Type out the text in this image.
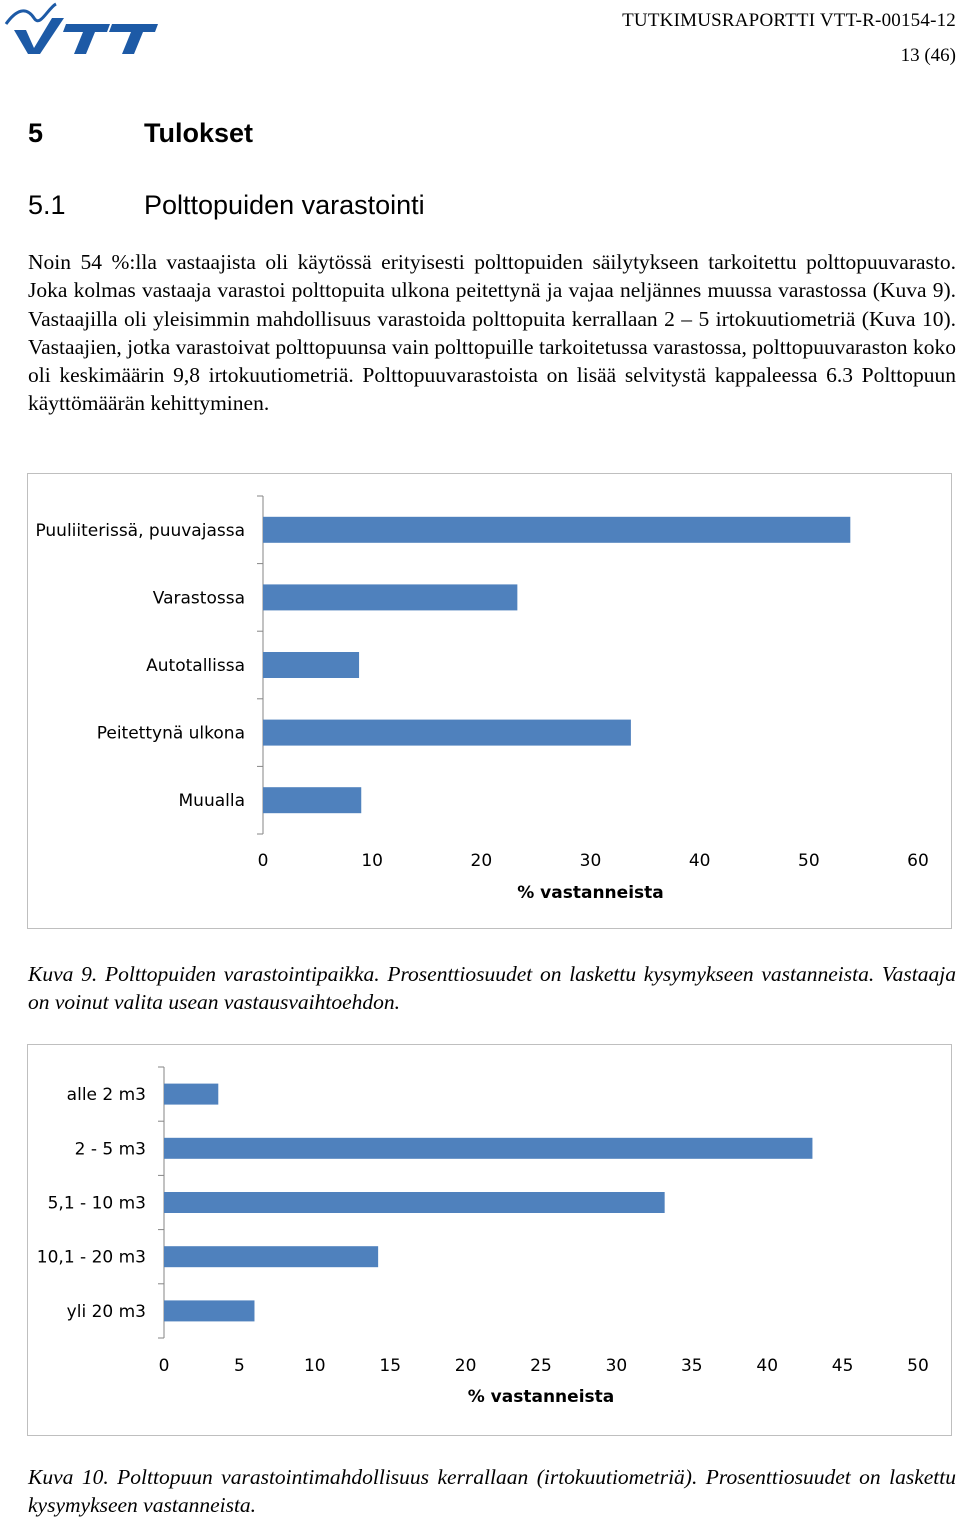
TUTKIMUSRAPORTTI VTT-R-00154-12
13 (46)
5	Tulokset
5.1	Polttopuiden varastointi
Noin 54 %:lla vastaajista oli käytössä erityisesti polttopuiden säilytykseen tarkoitettu polttopuuvarasto. Joka kolmas vastaaja varastoi polttopuita ulkona peitettynä ja vajaa neljännes muussa varastossa (Kuva 9). Vastaajilla oli yleisimmin mahdollisuus varastoida polttopuita kerrallaan 2 – 5 irtokuutiometriä (Kuva 10). Vastaajien, jotka varastoivat polttopuunsa vain polttopuille tarkoitetussa varastossa, polttopuuvaraston koko oli keskimäärin 9,8 irtokuutiometriä. Polttopuuvarastoista on lisää selvitystä kappaleessa 6.3 Polttopuun käyttömäärän kehittyminen.
Puuliiterissä, puuvajassa
Varastossa
Autotallissa
Peitettynä ulkona
Muualla
0	10	20	30	40	50	60
% vastanneista
Kuva 9. Polttopuiden varastointipaikka. Prosenttiosuudet on laskettu kysymykseen vastanneista. Vastaaja on voinut valita usean vastausvaihtoehdon.
alle 2 m3
2 - 5 m3
5,1 - 10 m3
10,1 - 20 m3
yli 20 m3
0	5	10	15	20	25	30	35	40	45	50
% vastanneista
Kuva 10. Polttopuun varastointimahdollisuus kerrallaan (irtokuutiometriä). Prosenttiosuudet on laskettu kysymykseen vastanneista.
